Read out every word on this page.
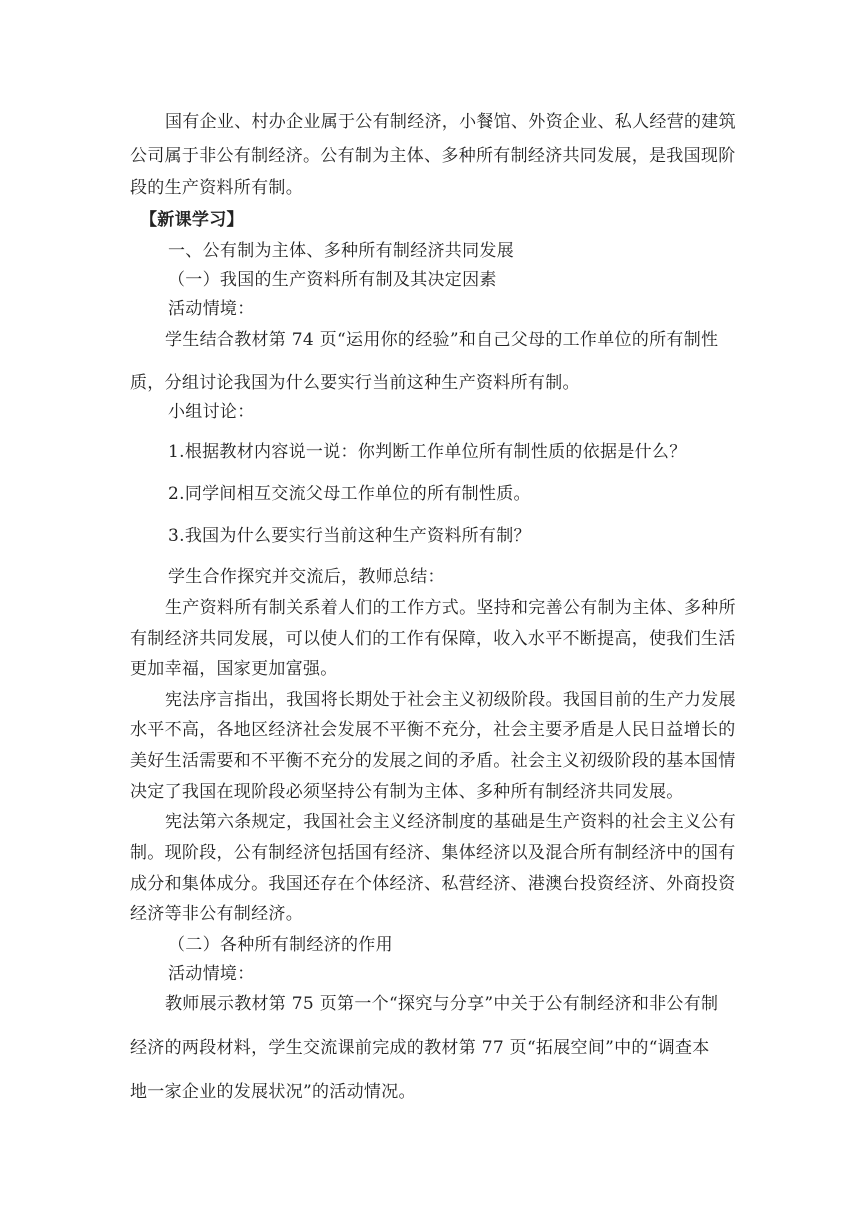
国有企业、村办企业属于公有制经济，小餐馆、外资企业、私人经营的建筑
公司属于非公有制经济。公有制为主体、多种所有制经济共同发展，是我国现阶
段的生产资料所有制。
【新课学习】
一、公有制为主体、多种所有制经济共同发展
（一）我国的生产资料所有制及其决定因素
活动情境：
学生结合教材第 74 页“运用你的经验”和自己父母的工作单位的所有制性
质，分组讨论我国为什么要实行当前这种生产资料所有制。
小组讨论：
1.根据教材内容说一说：你判断工作单位所有制性质的依据是什么？
2.同学间相互交流父母工作单位的所有制性质。
3.我国为什么要实行当前这种生产资料所有制？
学生合作探究并交流后，教师总结：
生产资料所有制关系着人们的工作方式。坚持和完善公有制为主体、多种所
有制经济共同发展，可以使人们的工作有保障，收入水平不断提高，使我们生活
更加幸福，国家更加富强。
宪法序言指出，我国将长期处于社会主义初级阶段。我国目前的生产力发展
水平不高，各地区经济社会发展不平衡不充分，社会主要矛盾是人民日益增长的
美好生活需要和不平衡不充分的发展之间的矛盾。社会主义初级阶段的基本国情
决定了我国在现阶段必须坚持公有制为主体、多种所有制经济共同发展。
宪法第六条规定，我国社会主义经济制度的基础是生产资料的社会主义公有
制。现阶段，公有制经济包括国有经济、集体经济以及混合所有制经济中的国有
成分和集体成分。我国还存在个体经济、私营经济、港澳台投资经济、外商投资
经济等非公有制经济。
（二）各种所有制经济的作用
活动情境：
教师展示教材第 75 页第一个“探究与分享”中关于公有制经济和非公有制
经济的两段材料，学生交流课前完成的教材第 77 页“拓展空间”中的“调查本
地一家企业的发展状况”的活动情况。
